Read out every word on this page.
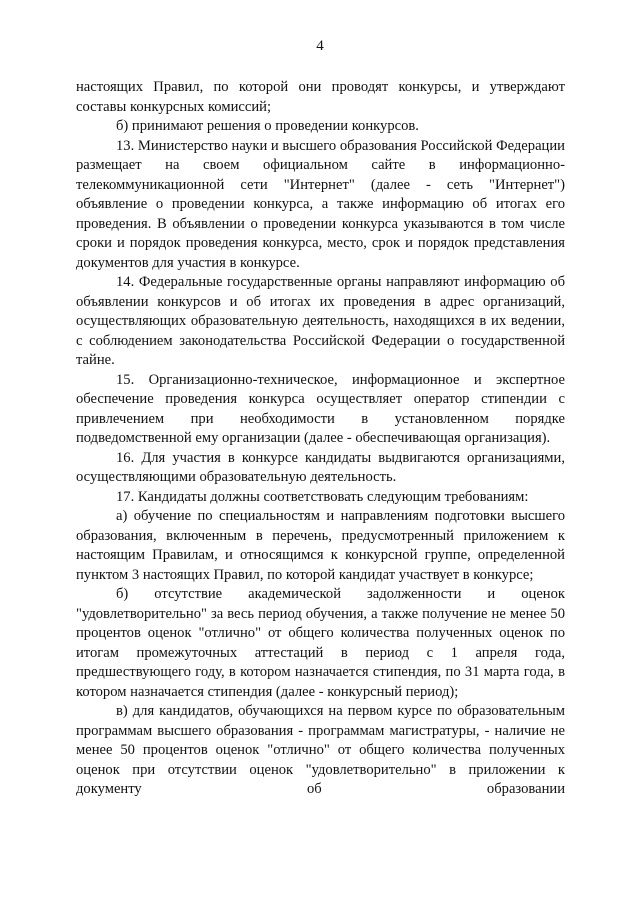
4

настоящих Правил, по которой они проводят конкурсы, и утверждают составы конкурсных комиссий;

б) принимают решения о проведении конкурсов.

13. Министерство науки и высшего образования Российской Федерации размещает на своем официальном сайте в информационно-телекоммуникационной сети "Интернет" (далее - сеть "Интернет") объявление о проведении конкурса, а также информацию об итогах его проведения. В объявлении о проведении конкурса указываются в том числе сроки и порядок проведения конкурса, место, срок и порядок представления документов для участия в конкурсе.

14. Федеральные государственные органы направляют информацию об объявлении конкурсов и об итогах их проведения в адрес организаций, осуществляющих образовательную деятельность, находящихся в их ведении, с соблюдением законодательства Российской Федерации о государственной тайне.

15. Организационно-техническое, информационное и экспертное обеспечение проведения конкурса осуществляет оператор стипендии с привлечением при необходимости в установленном порядке подведомственной ему организации (далее - обеспечивающая организация).

16. Для участия в конкурсе кандидаты выдвигаются организациями, осуществляющими образовательную деятельность.

17. Кандидаты должны соответствовать следующим требованиям:

а) обучение по специальностям и направлениям подготовки высшего образования, включенным в перечень, предусмотренный приложением к настоящим Правилам, и относящимся к конкурсной группе, определенной пунктом 3 настоящих Правил, по которой кандидат участвует в конкурсе;

б) отсутствие академической задолженности и оценок "удовлетворительно" за весь период обучения, а также получение не менее 50 процентов оценок "отлично" от общего количества полученных оценок по итогам промежуточных аттестаций в период с 1 апреля года, предшествующего году, в котором назначается стипендия, по 31 марта года, в котором назначается стипендия (далее - конкурсный период);

в) для кандидатов, обучающихся на первом курсе по образовательным программам высшего образования - программам магистратуры, - наличие не менее 50 процентов оценок "отлично" от общего количества полученных оценок при отсутствии оценок "удовлетворительно" в приложении к документу об образовании
